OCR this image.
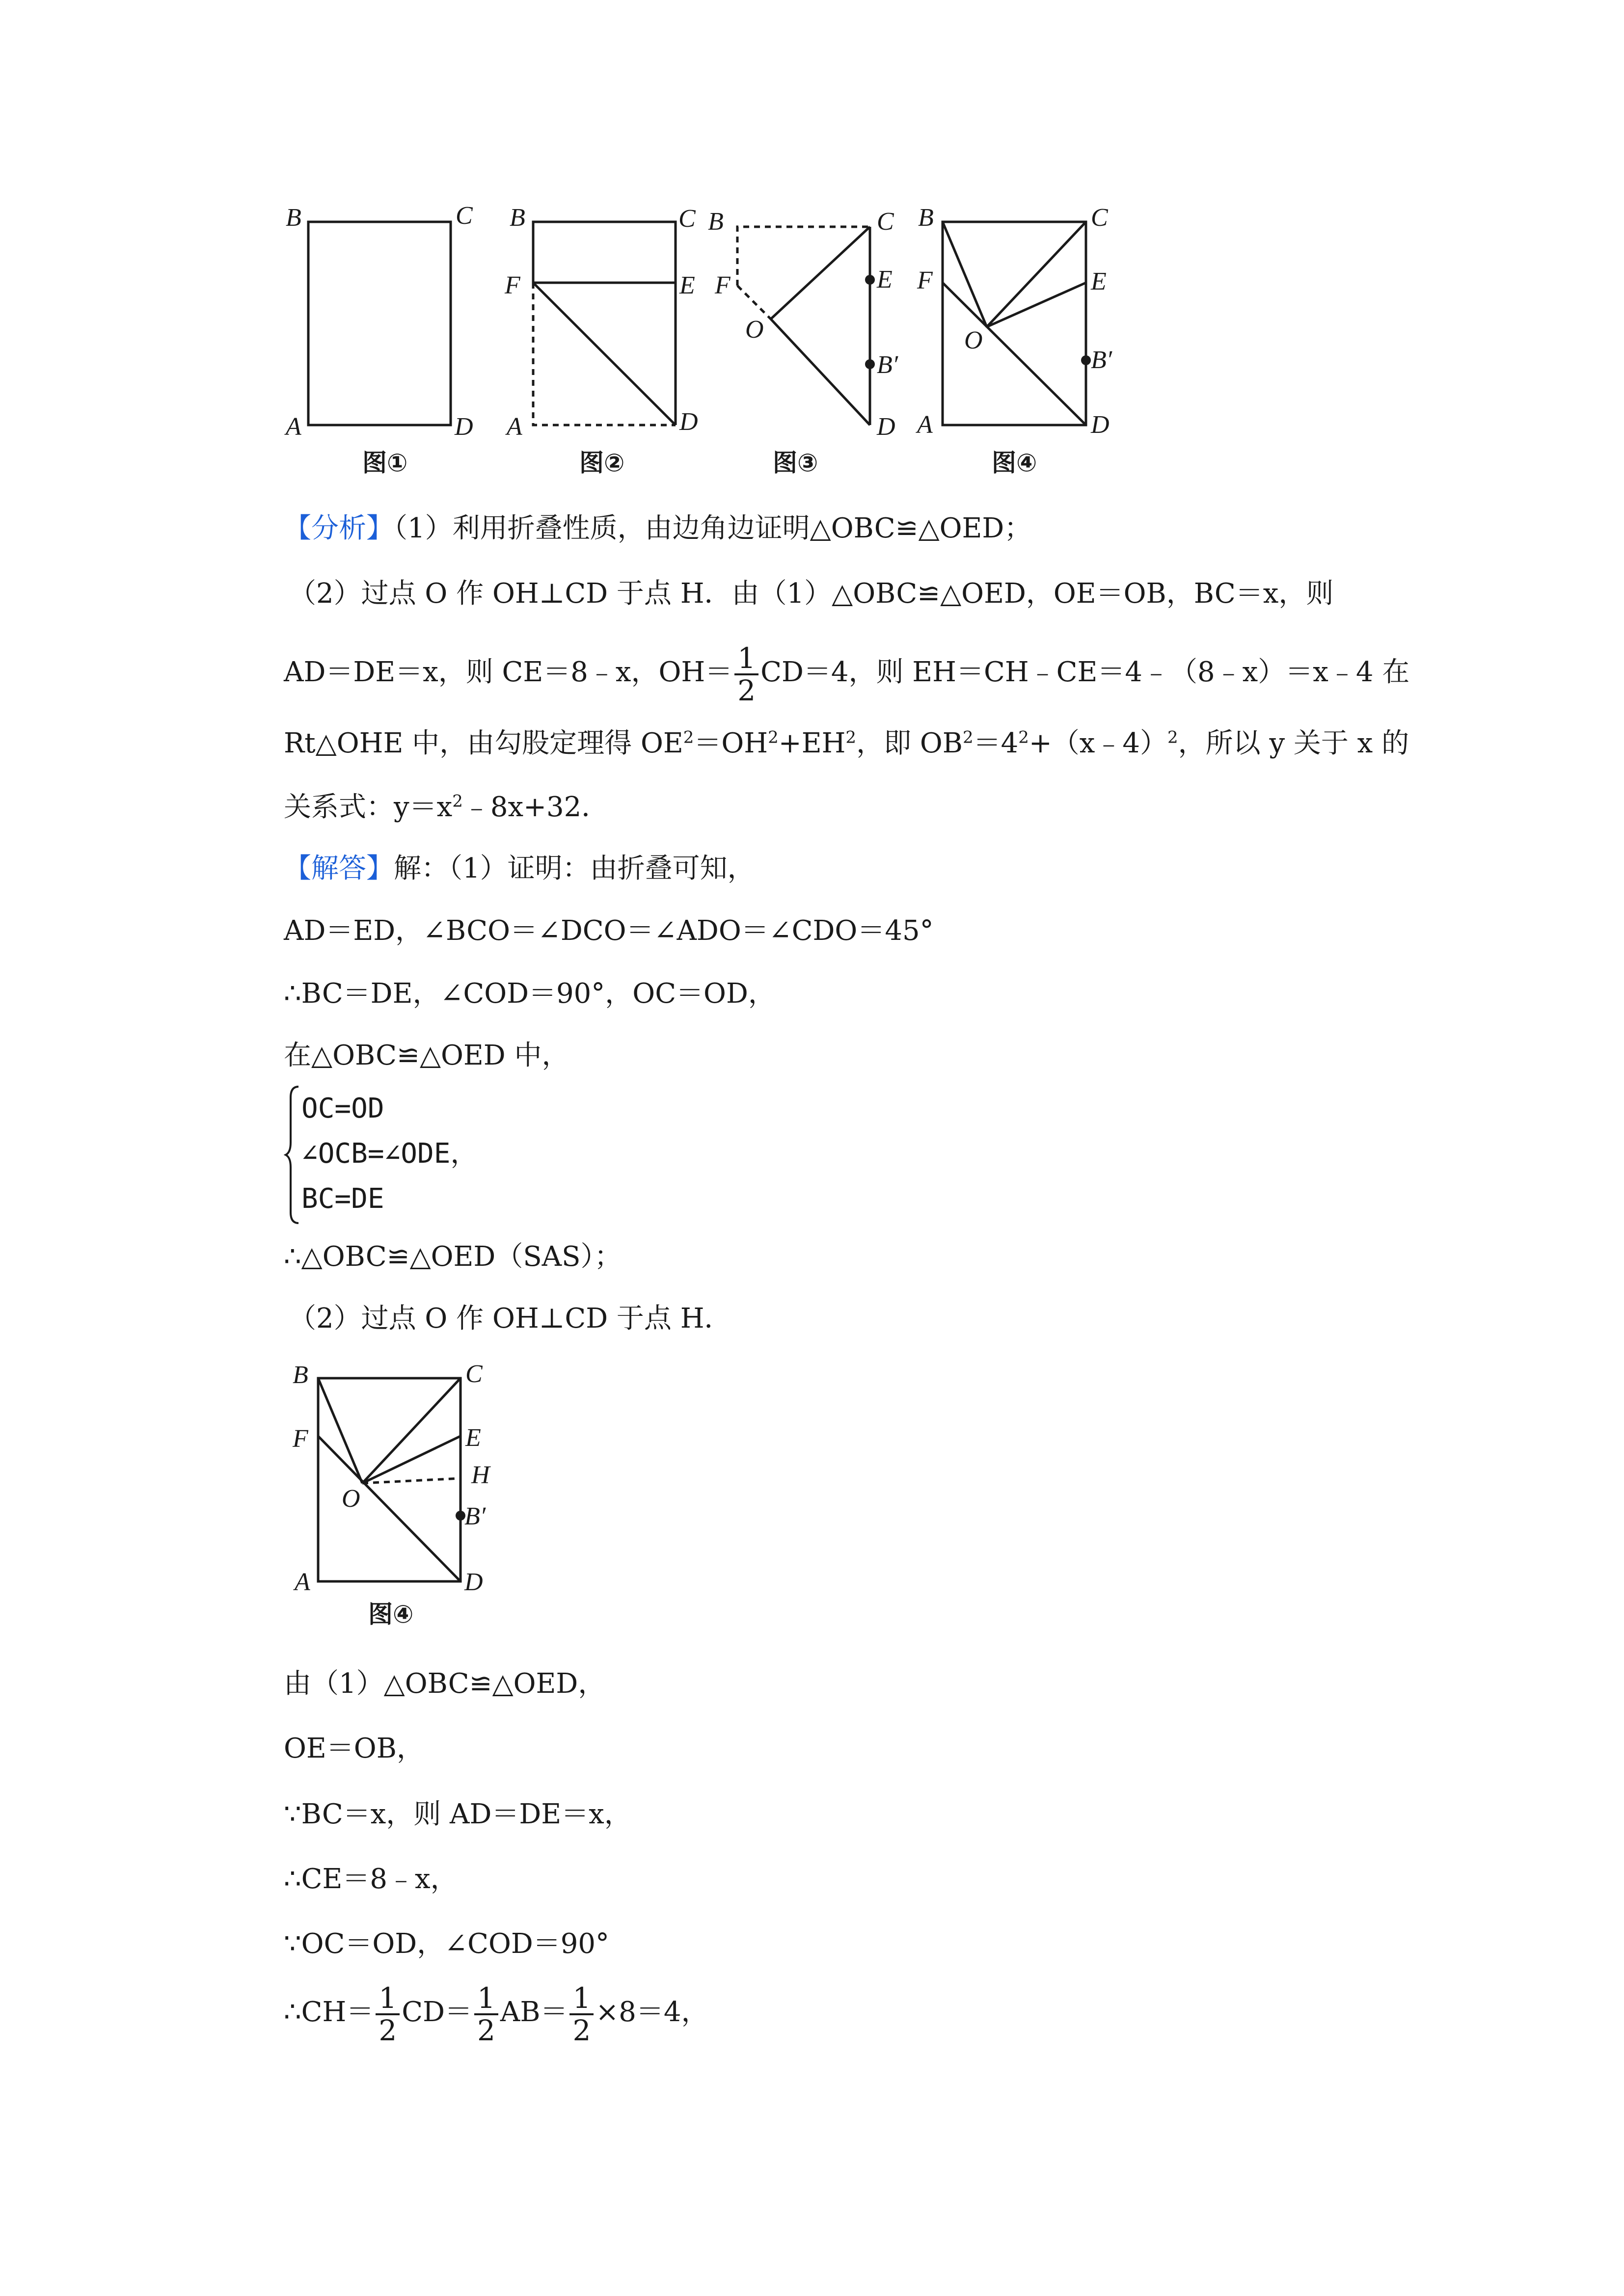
B	C
A	D
图①
B	C
F	E
A	D
图②
B	C
F	E
O
B′
D
图③
B	C
F	E
O
B′
A	D
图④
【分析】（1）利用折叠性质，由边角边证明△OBC≌△OED；
（2）过点 O 作 OH⊥CD 于点 H．由（1）△OBC≌△OED，OE＝OB，BC＝x，则
AD＝DE＝x，则 CE＝8﹣x，$OH= \frac{1}{2} CD=4$，则 EH＝CH﹣CE＝4﹣（8﹣x）＝x﹣4 在
Rt△OHE 中，由勾股定理得 $OE^2=OH^2+EH^2$，即 $OB^2=4^2+(x﹣4)^2$，所以 y 关于 x 的
关系式：$y=x^2﹣8x+32$．
【解答】解：（1）证明：由折叠可知，
AD＝ED，∠BCO＝∠DCO＝∠ADO＝∠CDO＝45°
∴BC＝DE，∠COD＝90°，OC＝OD，
在△OBC≌△OED 中，
OC=OD
∠OCB=∠ODE，
BC=DE
∴△OBC≌△OED（SAS）；
（2）过点 O 作 OH⊥CD 于点 H．
B	C
F	E
H
O
B′
A	D
图④
由（1）△OBC≌△OED，
OE＝OB，
∵BC＝x，则 AD＝DE＝x，
∴CE＝8﹣x，
∵OC＝OD，∠COD＝90°
∴CH＝ $\frac{1}{2} CD= \frac{1}{2} AB= \frac{1}{2} \times 8=4$，
